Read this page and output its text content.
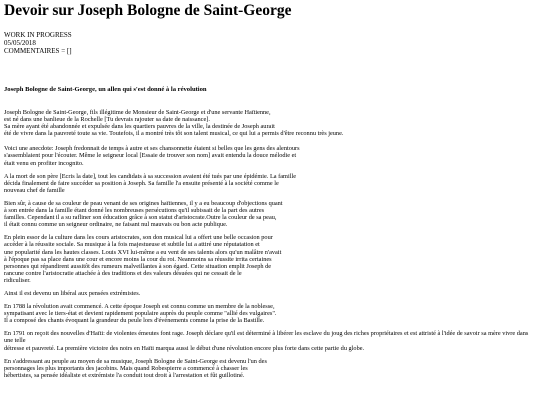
Devoir sur Joseph Bologne de Saint-George
WORK IN PROGRESS
05/05/2018
COMMENTAIRES = []
Joseph Bologne de Saint-George, un allen qui s'est donné à la révolution

Joseph Bologne de Saint-George, fils illégitime de Monsieur de Saint-George et d'une servante Haïtienne,
est né dans une banlieue de la Rochelle [Tu devrais rajouter sa date de naissance].
Sa mère ayant été abandonnée et expulsée dans les quartiers pauvres de la ville, la destinée de Joseph aurait
été de vivre dans la pauvreté toute sa vie. Toutefois, il a montré très tôt son talent musical, ce qui lui a permis d'être reconnu très jeune.

Voici une anecdote: Joseph fredonnait de temps à autre et ses chansonnette étaient si belles que les gens des alentours
s'assemblaient pour l'écouter. Même le seigneur local [Essaie de trouver son nom] avait entendu la douce mélodie et
était venu en profiter incognito.

A la mort de son père [Ecris la date], tout les candidats à sa succession avaient été tués par une épidémie. La famille
décida finalement de faire succéder sa position à Joseph. Sa famille l'a ensuite présenté à la société comme le
nouveau chef de famille

Bien sûr, à cause de sa couleur de peau venant de ses origines haïtiennes, il y a eu beaucoup d'objections quant
à son entrée dans la famille étant donné les nombreuses persécutions qu'il subissait de la part des autres
familles. Cependant il a su rafliner son éducation grâce à son statut d'aristocrate.Outre la couleur de sa peau,
il était connu comme un seigneur ordinaire, ne faisant nul mauvais ou bon acte publique.

En plein essor de la culture dans les cours aristocrates, son don musical lui a offert une belle occasion pour
accéder à la réussite sociale. Sa musique à la fois majestueuse et subtile lui a attiré une réputatation et
une popularité dans les hautes classes. Louis XVI lui-même a eu vent de ses talents alors qu'un malâtre n'avait
à l'époque pas sa place dans une cour et encore moins la cour du roi. Neanmoins sa réussite irrita certaines
personnes qui répandirent aussitôt des rumeurs malveillantes à son égard. Cette situation emplit Joseph de
rancune contre l'aristocratie attachée à des traditions et des valeurs désuées qui ne cessait de le
ridiculiser.

Ainsi il est devenu un libéral aux pensées extrémistes.

En 1788 la révolution avait commencé. A cette époque Joseph est connu comme un membre de la noblesse,
sympatisant avec le tiers-état et devient rapidement populaire auprès du peuple comme "allié des vulgaires".
Il a composé des chants évoquant la grandeur du peule lors d'événements comme la prise de la Bastille.

En 1791 on reçoit des nouvelles d'Haïti: de violentes émeutes font rage. Joseph déclare qu'il est déterminé à libérer les esclave du joug des riches propriétaires et est attristé à l'idée de savoir sa mère vivre dans une telle
détresse et pauvreté. La première victoire des noirs en Haïti marqua aussi le début d'une révolution encore plus forte dans cette partie du globe.

En s'addressant au peuple au moyen de sa musique, Joseph Bologne de Saint-George est devenu l'un des
personnages les plus importants des jacobins. Mais quand Robespierre a commencé à chasser les
hébertistes, sa pensée idéaliste et extrémiste l'a conduit tout droit à l'arrestation et fût guillotiné.
